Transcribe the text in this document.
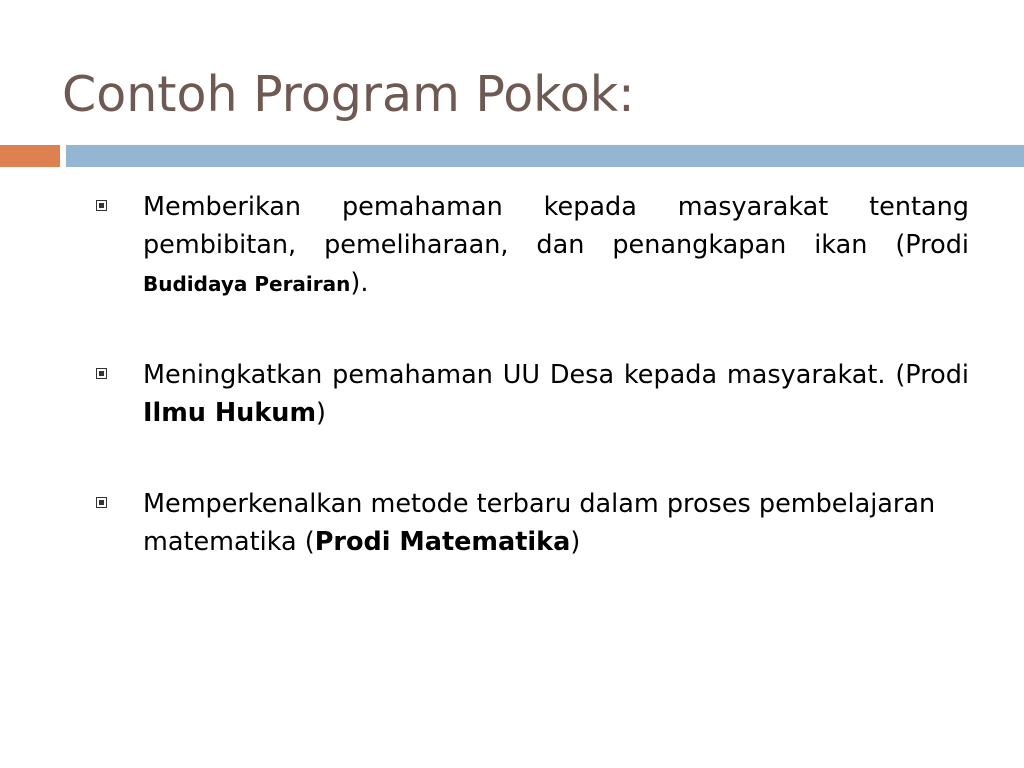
Contoh Program Pokok:
Memberikan pemahaman kepada masyarakat tentang pembibitan, pemeliharaan, dan penangkapan ikan (Prodi Budidaya Perairan).
Meningkatkan pemahaman UU Desa kepada masyarakat. (Prodi Ilmu Hukum)
Memperkenalkan metode terbaru dalam proses pembelajaran matematika (Prodi Matematika)
